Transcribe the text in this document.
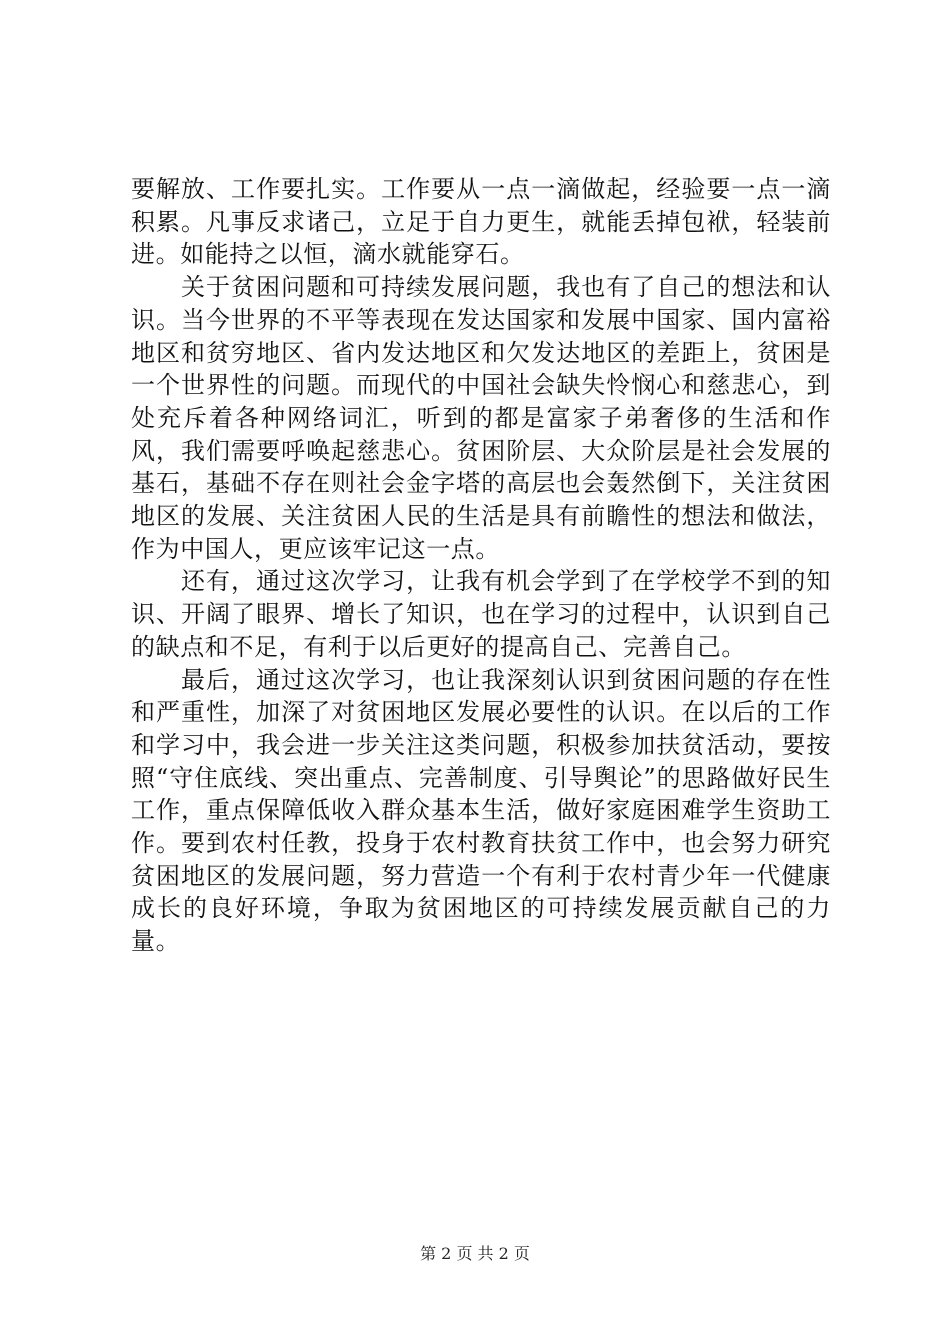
要解放、工作要扎实。工作要从一点一滴做起，经验要一点一滴积累。凡事反求诸己，立足于自力更生，就能丢掉包袱，轻装前进。如能持之以恒，滴水就能穿石。

关于贫困问题和可持续发展问题，我也有了自己的想法和认识。当今世界的不平等表现在发达国家和发展中国家、国内富裕地区和贫穷地区、省内发达地区和欠发达地区的差距上，贫困是一个世界性的问题。而现代的中国社会缺失怜悯心和慈悲心，到处充斥着各种网络词汇，听到的都是富家子弟奢侈的生活和作风，我们需要呼唤起慈悲心。贫困阶层、大众阶层是社会发展的基石，基础不存在则社会金字塔的高层也会轰然倒下，关注贫困地区的发展、关注贫困人民的生活是具有前瞻性的想法和做法，作为中国人，更应该牢记这一点。

还有，通过这次学习，让我有机会学到了在学校学不到的知识、开阔了眼界、增长了知识，也在学习的过程中，认识到自己的缺点和不足，有利于以后更好的提高自己、完善自己。

最后，通过这次学习，也让我深刻认识到贫困问题的存在性和严重性，加深了对贫困地区发展必要性的认识。在以后的工作和学习中，我会进一步关注这类问题，积极参加扶贫活动，要按照“守住底线、突出重点、完善制度、引导舆论”的思路做好民生工作，重点保障低收入群众基本生活，做好家庭困难学生资助工作。要到农村任教，投身于农村教育扶贫工作中，也会努力研究贫困地区的发展问题，努力营造一个有利于农村青少年一代健康成长的良好环境，争取为贫困地区的可持续发展贡献自己的力量。

第 2 页 共 2 页
